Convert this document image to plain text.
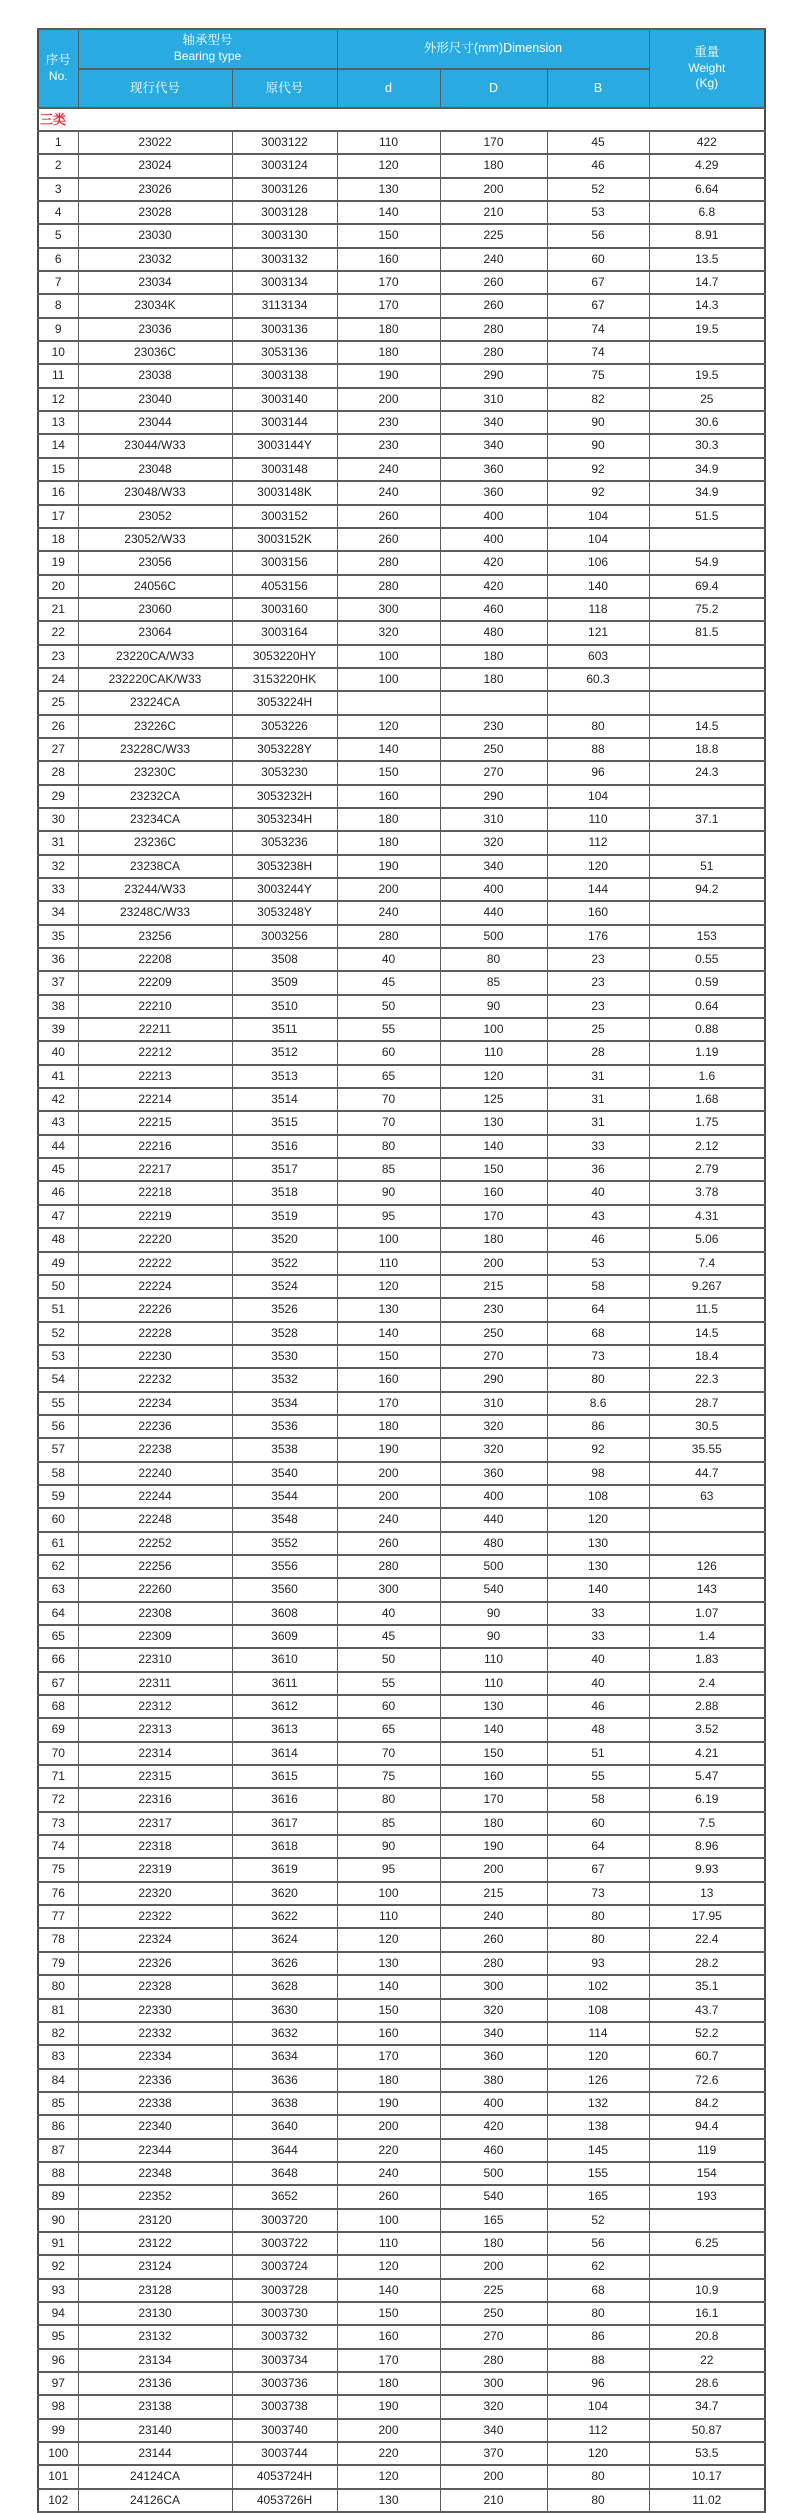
序号
No.	轴承型号
Bearing type		外形尺寸(mm)Dimension			重量
Weight
(Kg)
	现行代号	原代号	d	D	B	
三类						
1	23022	3003122	110	170	45	422
2	23024	3003124	120	180	46	4.29
3	23026	3003126	130	200	52	6.64
4	23028	3003128	140	210	53	6.8
5	23030	3003130	150	225	56	8.91
6	23032	3003132	160	240	60	13.5
7	23034	3003134	170	260	67	14.7
8	23034K	3113134	170	260	67	14.3
9	23036	3003136	180	280	74	19.5
10	23036C	3053136	180	280	74	
11	23038	3003138	190	290	75	19.5
12	23040	3003140	200	310	82	25
13	23044	3003144	230	340	90	30.6
14	23044/W33	3003144Y	230	340	90	30.3
15	23048	3003148	240	360	92	34.9
16	23048/W33	3003148K	240	360	92	34.9
17	23052	3003152	260	400	104	51.5
18	23052/W33	3003152K	260	400	104	
19	23056	3003156	280	420	106	54.9
20	24056C	4053156	280	420	140	69.4
21	23060	3003160	300	460	118	75.2
22	23064	3003164	320	480	121	81.5
23	23220CA/W33	3053220HY	100	180	603	
24	232220CAK/W33	3153220HK	100	180	60.3	
25	23224CA	3053224H				
26	23226C	3053226	120	230	80	14.5
27	23228C/W33	3053228Y	140	250	88	18.8
28	23230C	3053230	150	270	96	24.3
29	23232CA	3053232H	160	290	104	
30	23234CA	3053234H	180	310	110	37.1
31	23236C	3053236	180	320	112	
32	23238CA	3053238H	190	340	120	51
33	23244/W33	3003244Y	200	400	144	94.2
34	23248C/W33	3053248Y	240	440	160	
35	23256	3003256	280	500	176	153
36	22208	3508	40	80	23	0.55
37	22209	3509	45	85	23	0.59
38	22210	3510	50	90	23	0.64
39	22211	3511	55	100	25	0.88
40	22212	3512	60	110	28	1.19
41	22213	3513	65	120	31	1.6
42	22214	3514	70	125	31	1.68
43	22215	3515	70	130	31	1.75
44	22216	3516	80	140	33	2.12
45	22217	3517	85	150	36	2.79
46	22218	3518	90	160	40	3.78
47	22219	3519	95	170	43	4.31
48	22220	3520	100	180	46	5.06
49	22222	3522	110	200	53	7.4
50	22224	3524	120	215	58	9.267
51	22226	3526	130	230	64	11.5
52	22228	3528	140	250	68	14.5
53	22230	3530	150	270	73	18.4
54	22232	3532	160	290	80	22.3
55	22234	3534	170	310	8.6	28.7
56	22236	3536	180	320	86	30.5
57	22238	3538	190	320	92	35.55
58	22240	3540	200	360	98	44.7
59	22244	3544	200	400	108	63
60	22248	3548	240	440	120	
61	22252	3552	260	480	130	
62	22256	3556	280	500	130	126
63	22260	3560	300	540	140	143
64	22308	3608	40	90	33	1.07
65	22309	3609	45	90	33	1.4
66	22310	3610	50	110	40	1.83
67	22311	3611	55	110	40	2.4
68	22312	3612	60	130	46	2.88
69	22313	3613	65	140	48	3.52
70	22314	3614	70	150	51	4.21
71	22315	3615	75	160	55	5.47
72	22316	3616	80	170	58	6.19
73	22317	3617	85	180	60	7.5
74	22318	3618	90	190	64	8.96
75	22319	3619	95	200	67	9.93
76	22320	3620	100	215	73	13
77	22322	3622	110	240	80	17.95
78	22324	3624	120	260	80	22.4
79	22326	3626	130	280	93	28.2
80	22328	3628	140	300	102	35.1
81	22330	3630	150	320	108	43.7
82	22332	3632	160	340	114	52.2
83	22334	3634	170	360	120	60.7
84	22336	3636	180	380	126	72.6
85	22338	3638	190	400	132	84.2
86	22340	3640	200	420	138	94.4
87	22344	3644	220	460	145	119
88	22348	3648	240	500	155	154
89	22352	3652	260	540	165	193
90	23120	3003720	100	165	52	
91	23122	3003722	110	180	56	6.25
92	23124	3003724	120	200	62	
93	23128	3003728	140	225	68	10.9
94	23130	3003730	150	250	80	16.1
95	23132	3003732	160	270	86	20.8
96	23134	3003734	170	280	88	22
97	23136	3003736	180	300	96	28.6
98	23138	3003738	190	320	104	34.7
99	23140	3003740	200	340	112	50.87
100	23144	3003744	220	370	120	53.5
101	24124CA	4053724H	120	200	80	10.17
102	24126CA	4053726H	130	210	80	11.02
